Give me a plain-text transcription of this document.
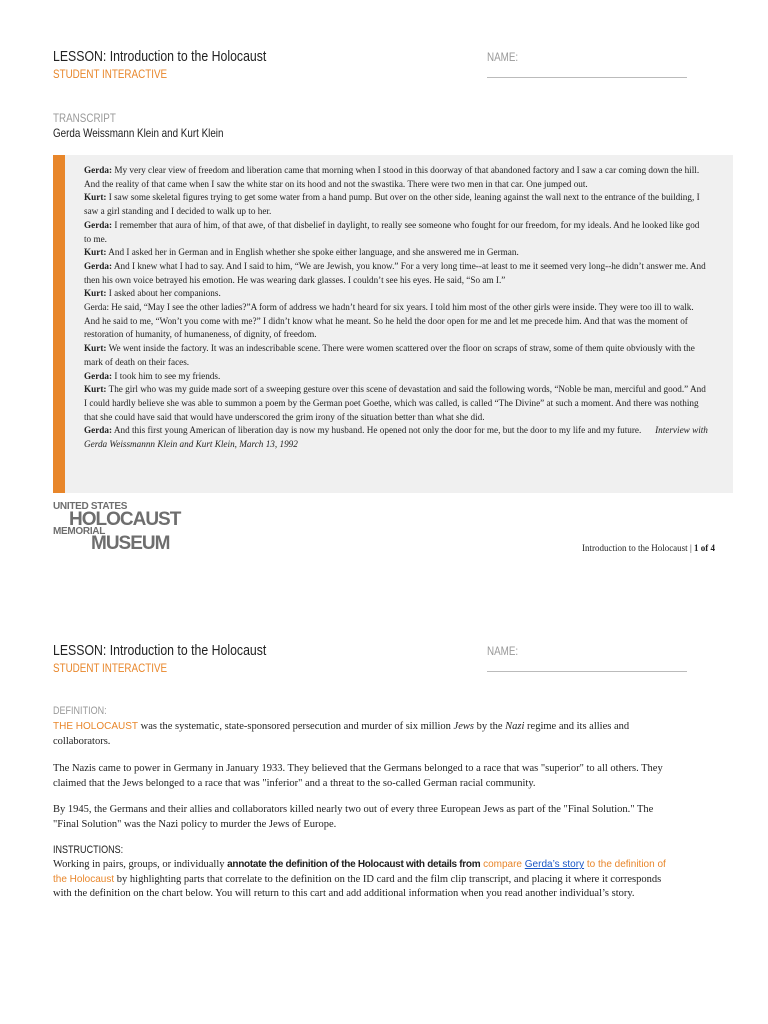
LESSON: Introduction to the Holocaust
STUDENT INTERACTIVE
NAME:
TRANSCRIPT
Gerda Weissmann Klein and Kurt Klein

Gerda: My very clear view of freedom and liberation came that morning when I stood in this doorway of that abandoned factory and I saw a car coming down the hill. And the reality of that came when I saw the white star on its hood and not the swastika. There were two men in that car. One jumped out.

Kurt: I saw some skeletal figures trying to get some water from a hand pump. But over on the other side, leaning against the wall next to the entrance of the building, I saw a girl standing and I decided to walk up to her.

Gerda: I remember that aura of him, of that awe, of that disbelief in daylight, to really see someone who fought for our freedom, for my ideals. And he looked like god to me.

Kurt: And I asked her in German and in English whether she spoke either language, and she answered me in German.

Gerda: And I knew what I had to say. And I said to him, “We are Jewish, you know.” For a very long time--at least to me it seemed very long--he didn’t answer me. And then his own voice betrayed his emotion. He was wearing dark glasses. I couldn’t see his eyes. He said, “So am I.”

Kurt: I asked about her companions.

Gerda: He said, “May I see the other ladies?”A form of address we hadn’t heard for six years. I told him most of the other girls were inside. They were too ill to walk. And he said to me, “Won’t you come with me?” I didn’t know what he meant. So he held the door open for me and let me precede him. And that was the moment of restoration of humanity, of humaneness, of dignity, of freedom.

Kurt: We went inside the factory. It was an indescribable scene. There were women scattered over the floor on scraps of straw, some of them quite obviously with the mark of death on their faces.

Gerda: I took him to see my friends.

Kurt: The girl who was my guide made sort of a sweeping gesture over this scene of devastation and said the following words, “Noble be man, merciful and good.” And I could hardly believe she was able to summon a poem by the German poet Goethe, which was called, is called “The Divine” at such a moment. And there was nothing that she could have said that would have underscored the grim irony of the situation better than what she did.

Gerda: And this first young American of liberation day is now my husband. He opened not only the door for me, but the door to my life and my future. Interview with Gerda Weissmannn Klein and Kurt Klein, March 13, 1992

UNITED STATES
HOLOCAUST
MEMORIAL
MUSEUM	Introduction to the Holocaust | 1 of 4
LESSON: Introduction to the Holocaust
STUDENT INTERACTIVE
NAME:
DEFINITION:
THE HOLOCAUST was the systematic, state-sponsored persecution and murder of six million Jews by the Nazi regime and its allies and collaborators.
The Nazis came to power in Germany in January 1933. They believed that the Germans belonged to a race that was "superior" to all others. They claimed that the Jews belonged to a race that was "inferior" and a threat to the so-called German racial community.
By 1945, the Germans and their allies and collaborators killed nearly two out of every three European Jews as part of the "Final Solution." The "Final Solution" was the Nazi policy to murder the Jews of Europe.
INSTRUCTIONS:
Working in pairs, groups, or individually annotate the definition of the Holocaust with details from compare Gerda’s story to the definition of the Holocaust by highlighting parts that correlate to the definition on the ID card and the film clip transcript, and placing it where it corresponds with the definition on the chart below. You will return to this cart and add additional information when you read another individual’s story.
